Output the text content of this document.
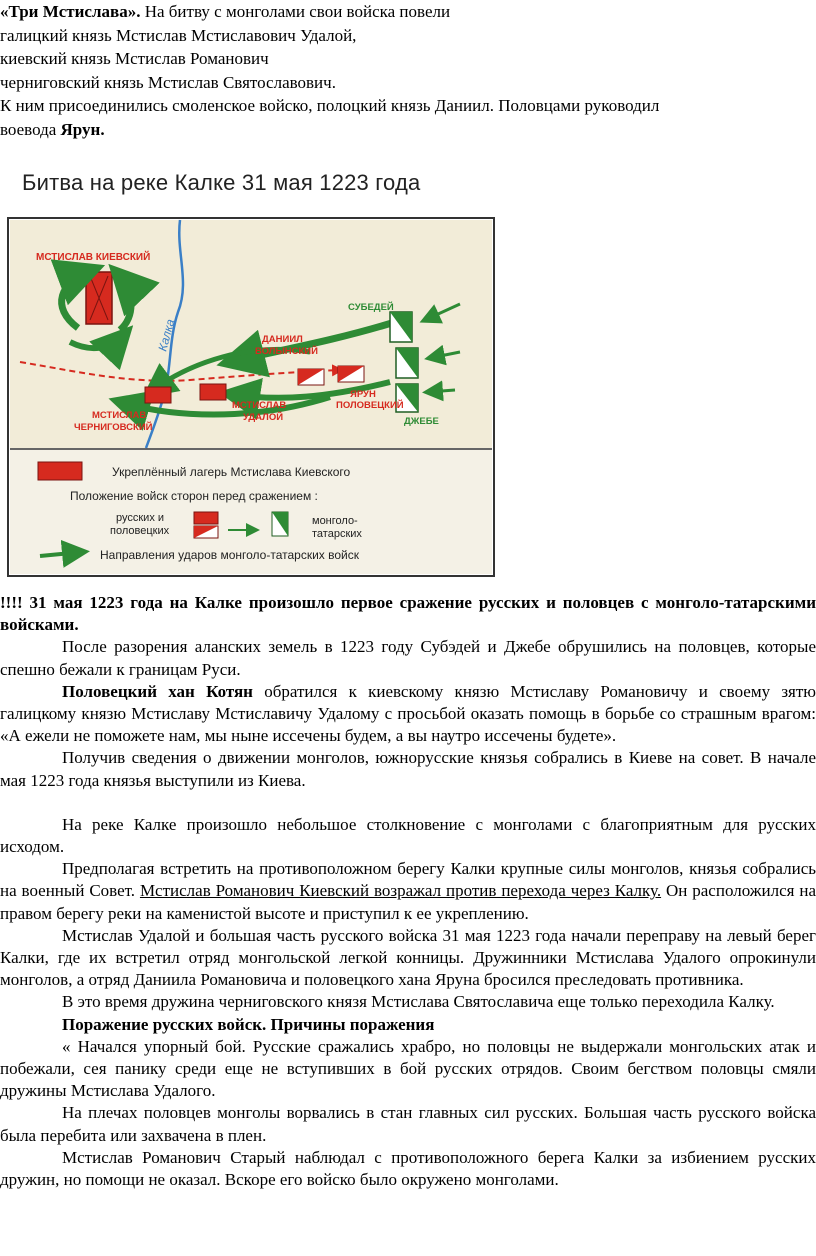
«Три Мстислава». На битву с монголами свои войска повели
галицкий князь Мстислав Мстиславович Удалой,
киевский князь Мстислав Романович
черниговский князь Мстислав Святославович.
К ним присоединились смоленское войско, полоцкий князь Даниил. Половцами руководил
воевода Ярун.
Битва на реке Калке 31 мая 1223 года
Калка
3.6
МСТИСЛАВ КИЕВСКИЙ
СУБЕДЕЙ
ДАНИИЛ
ВОЛЫНСКИЙ
ЯРУН
ПОЛОВЕЦКИЙ
МСТИСЛАВ
УДАЛОЙ
МСТИСЛАВ
ЧЕРНИГОВСКИЙ
ДЖЕБЕ
Укреплённый лагерь Мстислава Киевского
Положение войск сторон перед сражением :
русских и
половецких
монголо-
татарских
Направления ударов монголо-татарских войск

!!!! 31 мая 1223 года на Калке произошло первое сражение русских и половцев с монголо-татарскими войсками.

После разорения аланских земель в 1223 году Субэдей и Джебе обрушились на половцев, которые спешно бежали к границам Руси.

Половецкий хан Котян обратился к киевскому князю Мстиславу Романовичу и своему зятю галицкому князю Мстиславу Мстиславичу Удалому с просьбой оказать помощь в борьбе со страшным врагом: «А ежели не поможете нам, мы ныне иссечены будем, а вы наутро иссечены будете».

Получив сведения о движении монголов, южнорусские князья собрались в Киеве на совет. В начале мая 1223 года князья выступили из Киева.

На реке Калке произошло небольшое столкновение с монголами с благоприятным для русских исходом.

Предполагая встретить на противоположном берегу Калки крупные силы монголов, князья собрались на военный Совет. Мстислав Романович Киевский возражал против перехода через Калку. Он расположился на правом берегу реки на каменистой высоте и приступил к ее укреплению.

Мстислав Удалой и большая часть русского войска 31 мая 1223 года начали переправу на левый берег Калки, где их встретил отряд монгольской легкой конницы. Дружинники Мстислава Удалого опрокинули монголов, а отряд Даниила Романовича и половецкого хана Яруна бросился преследовать противника.

В это время дружина черниговского князя Мстислава Святославича еще только переходила Калку.

Поражение русских войск. Причины поражения

« Начался упорный бой. Русские сражались храбро, но половцы не выдержали монгольских атак и побежали, сея панику среди еще не вступивших в бой русских отрядов. Своим бегством половцы смяли дружины Мстислава Удалого.

На плечах половцев монголы ворвались в стан главных сил русских. Большая часть русского войска была перебита или захвачена в плен.

Мстислав Романович Старый наблюдал с противоположного берега Калки за избиением русских дружин, но помощи не оказал. Вскоре его войско было окружено монголами.
